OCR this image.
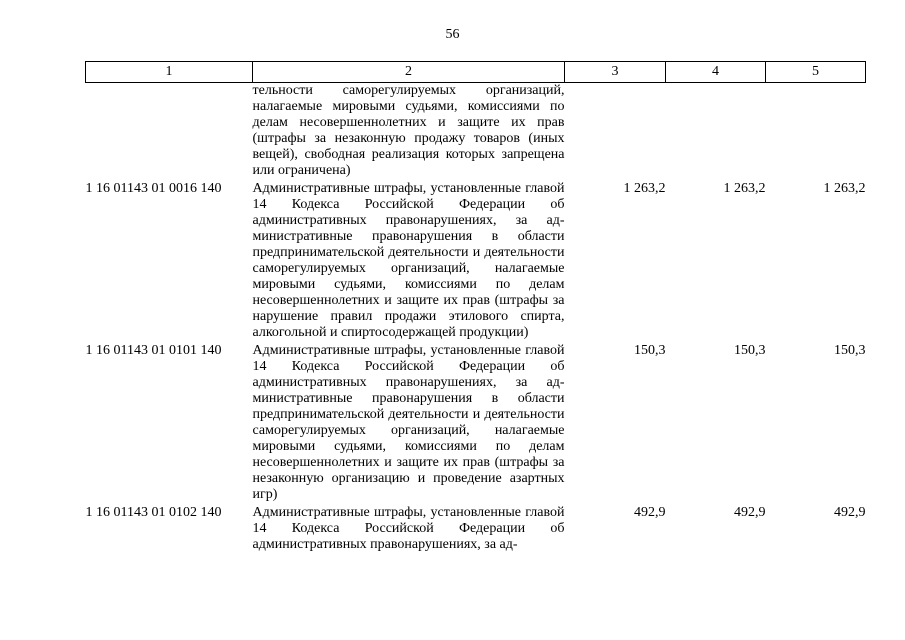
56
1	2	3	4	5
	тельности саморегулируемых организаций, налагаемые мировыми судьями, комиссиями по делам несовершеннолетних и защите их прав (штрафы за незаконную продажу товаров (иных вещей), свободная реализация которых запрещена или ограничена)			
1 16 01143 01 0016 140	Административные штрафы, установленные главой 14 Кодекса Российской Федерации об административных правонарушениях, за административные правонарушения в области предпринимательской деятельности и деятельности саморегулируемых организаций, налагаемые мировыми судьями, комиссиями по делам несовершеннолетних и защите их прав (штрафы за нарушение правил продажи этилового спирта, алкогольной и спиртосодержащей продукции)	1 263,2	1 263,2	1 263,2
1 16 01143 01 0101 140	Административные штрафы, установленные главой 14 Кодекса Российской Федерации об административных правонарушениях, за административные правонарушения в области предпринимательской деятельности и деятельности саморегулируемых организаций, налагаемые мировыми судьями, комиссиями по делам несовершеннолетних и защите их прав (штрафы за незаконную организацию и проведение азартных игр)	150,3	150,3	150,3
1 16 01143 01 0102 140	Административные штрафы, установленные главой 14 Кодекса Российской Федерации об административных правонарушениях, за ад-	492,9	492,9	492,9
